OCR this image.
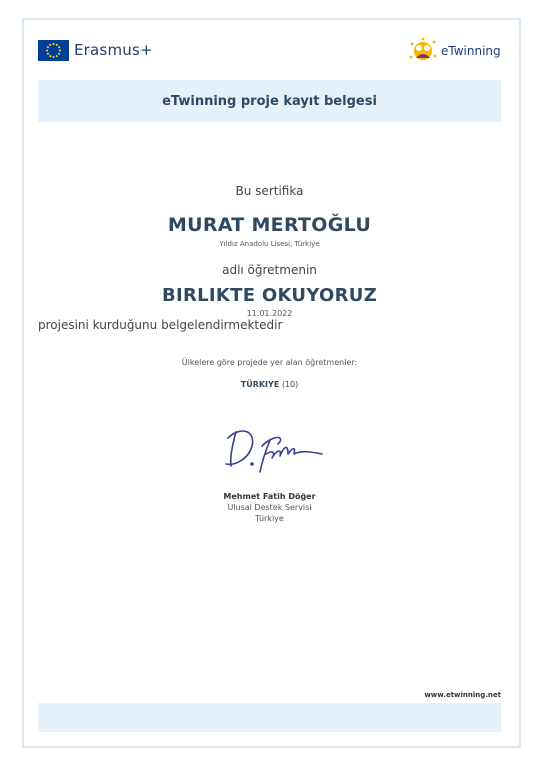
Erasmus+	eTwinning
eTwinning proje kayıt belgesi
Bu sertifika
MURAT MERTOĞLU
Yıldız Anadolu Lisesi, Türkiye
adlı öğretmenin
BIRLIKTE OKUYORUZ
11.01.2022
projesini kurduğunu belgelendirmektedir
Ülkelere göre projede yer alan öğretmenler:
TÜRKIYE (10)
Mehmet Fatih Döğer
Ulusal Destek Servisi
Türkiye
www.etwinning.net
